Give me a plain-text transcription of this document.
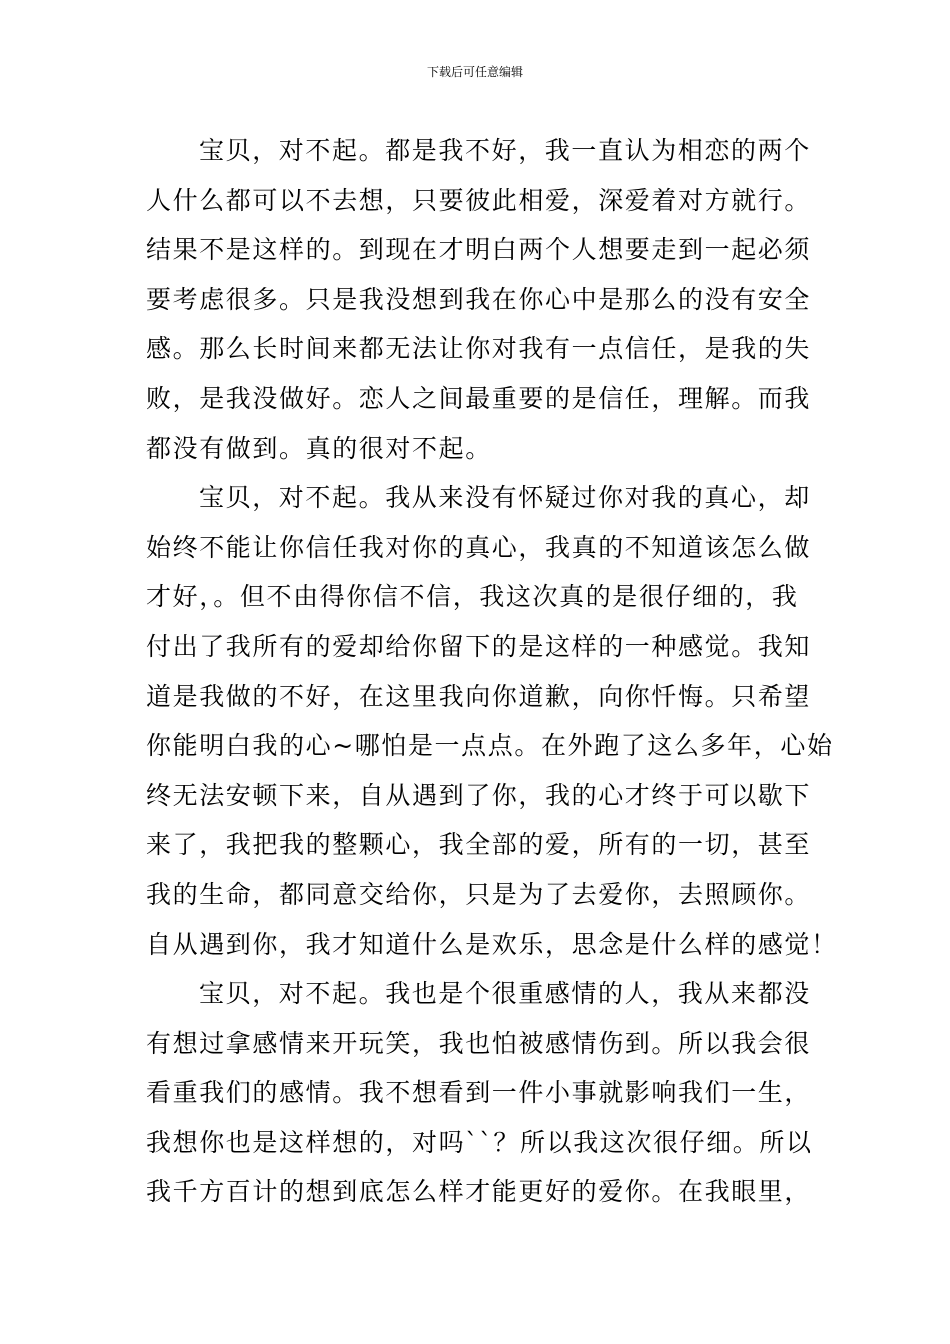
下载后可任意编辑

宝贝，对不起。都是我不好，我一直认为相恋的两个
人什么都可以不去想，只要彼此相爱，深爱着对方就行。
结果不是这样的。到现在才明白两个人想要走到一起必须
要考虑很多。只是我没想到我在你心中是那么的没有安全
感。那么长时间来都无法让你对我有一点信任，是我的失
败，是我没做好。恋人之间最重要的是信任，理解。而我
都没有做到。真的很对不起。

宝贝，对不起。我从来没有怀疑过你对我的真心，却
始终不能让你信任我对你的真心，我真的不知道该怎么做
才好，。但不由得你信不信，我这次真的是很仔细的，我
付出了我所有的爱却给你留下的是这样的一种感觉。我知
道是我做的不好，在这里我向你道歉，向你忏悔。只希望
你能明白我的心~哪怕是一点点。在外跑了这么多年，心始
终无法安顿下来，自从遇到了你，我的心才终于可以歇下
来了，我把我的整颗心，我全部的爱，所有的一切，甚至
我的生命，都同意交给你，只是为了去爱你，去照顾你。
自从遇到你，我才知道什么是欢乐，思念是什么样的感觉！

宝贝，对不起。我也是个很重感情的人，我从来都没
有想过拿感情来开玩笑，我也怕被感情伤到。所以我会很
看重我们的感情。我不想看到一件小事就影响我们一生，
我想你也是这样想的，对吗``？所以我这次很仔细。所以
我千方百计的想到底怎么样才能更好的爱你。在我眼里，
